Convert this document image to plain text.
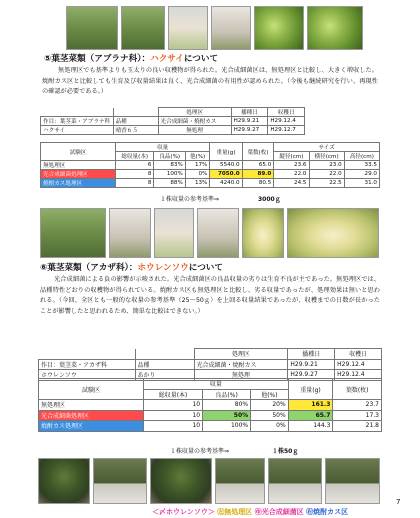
⑤葉茎菜類（アブラナ科）：ハクサイについて
無処理区でも基準よりも玉太りの良い収穫物が得られた。光合成細菌区は、無処理区と比較し、大きく増収した。焼酎カス区と比較しても生育及び収量結果は良く、光合成細菌の有用性が認められた。（今後も継続研究を行い、再現性の確認が必要である。）
		処理区	播種日	収穫日
作目：葉茎菜・アブラナ科	品種	光合成細菌・焼酎カス	H29.9.21	H29.12.4
ハクサイ	晴香６５	無処理	H29.9.27	H29.12.7
試験区	収量			重量(g)	葉数(枚)	サイズ		
	総収量(本)	良品(%)	他(%)			縦径(cm)	横径(cm)	高径(cm)
無処理区	6	83%	17%	5540.0	65.0	23.6	23.0	33.5
光合成細菌処理区	8	100%	0%	7050.0	89.0	22.0	22.0	29.0
焼酎カス処理区	8	88%	13%	4240.0	80.5	24.5	22.5	31.0
１株収量の参考基準⇒	3000ｇ
⑥葉茎菜類（アカザ科）：ホウレンソウについて
光合成細菌による負の影響が示唆された。光合成細菌区の良品収量の劣りは生育不良が主であった。無処理区では、品種特性どおりの収穫物が得られている。焼酎カス区も無処理区と比較し、劣る収量であったが、処理効果は無いと思われる。（今回、全区とも一般的な収量の参考基準（25～50ｇ）を上回る収量結果であったが、収穫までの日数が長かったことが影響したと思われるため、簡単な比較はできない。）
		処理区	播種日	収穫日
作目：葉茎菜・アカザ科	品種	光合成細菌・焼酎カス	H29.9.21	H29.12.4
ホウレンソウ	あかり	無処理	H29.9.27	H29.12.4
試験区	収量			重量(g)	葉数(枚)
	総収量(本)	良品(%)	他(%)		
無処理区	10	80%	20%	161.3	23.7
光合成細菌処理区	10	50%	50%	65.7	17.3
焼酎カス処理区	10	100%	0%	144.3	21.8
１株収量の参考基準⇒	１株50ｇ
＜〆ホウレンソウ＞ ㊧無処理区 ㊥光合成細菌区 ㊨焼酎カス区
7
